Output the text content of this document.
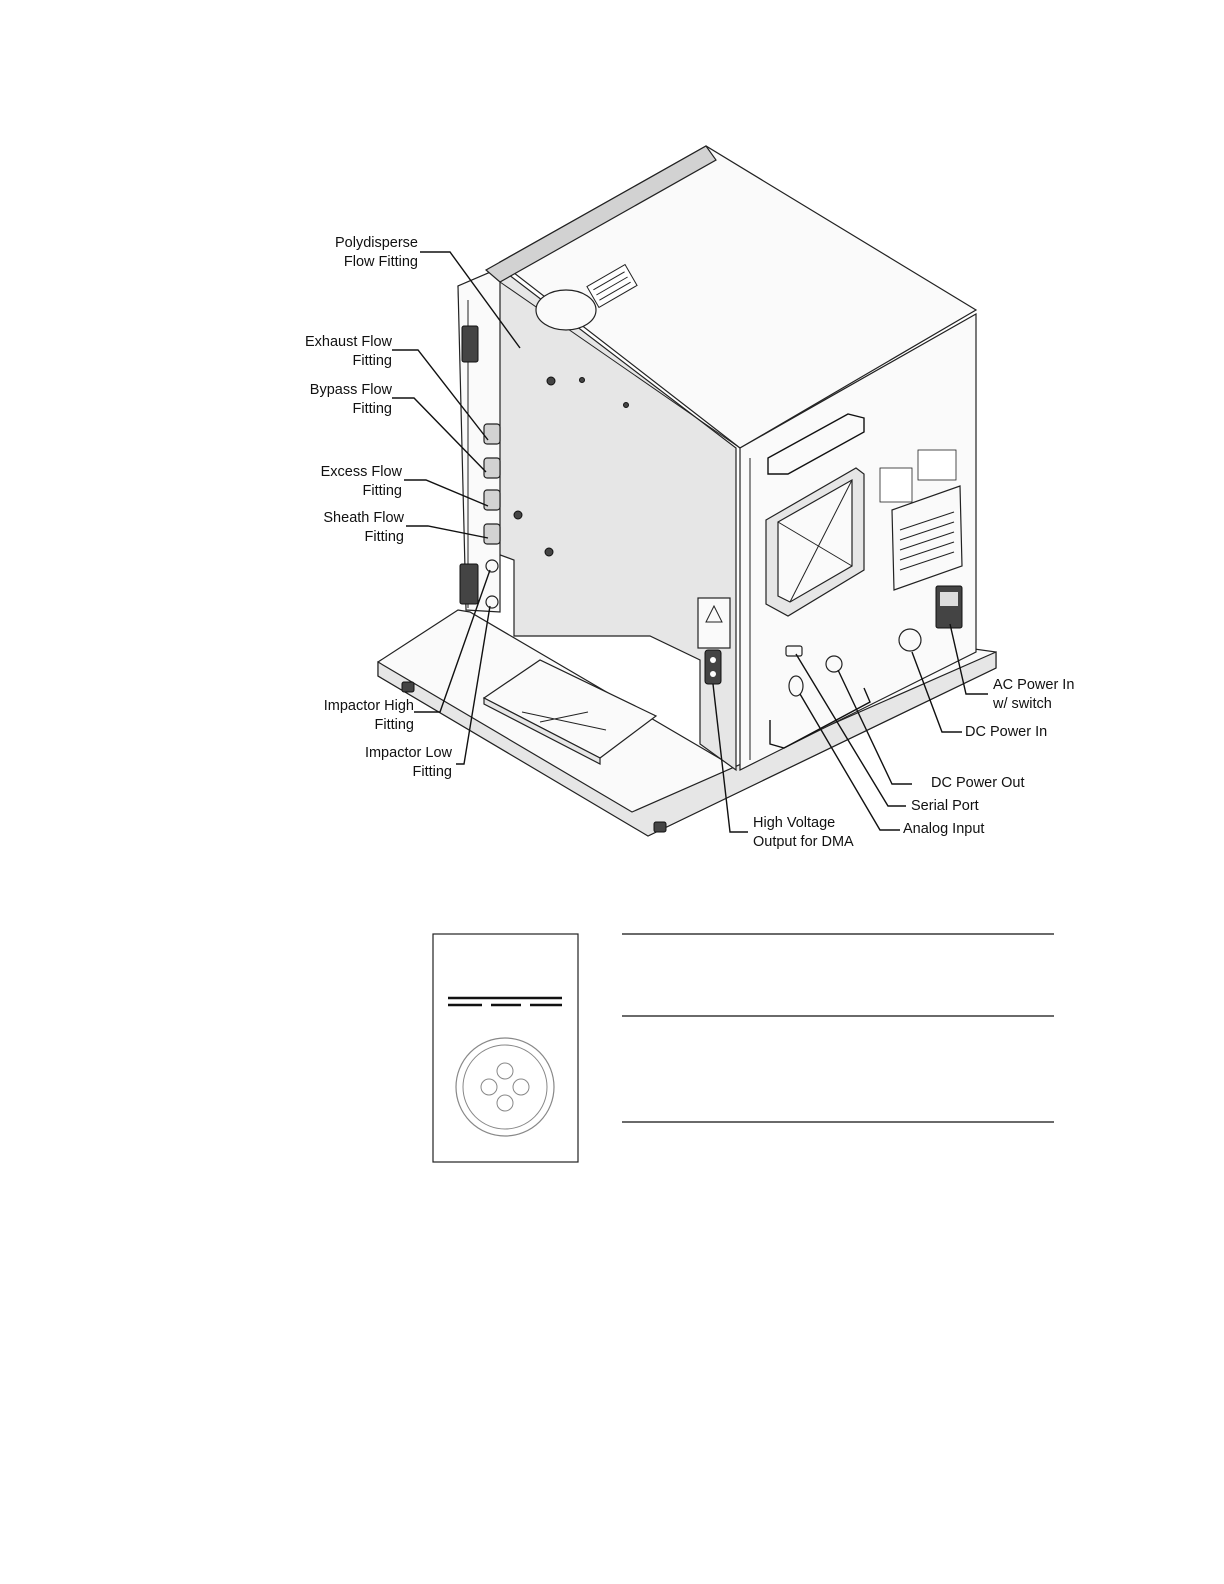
Polydisperse
Flow Fitting
Exhaust Flow
Fitting
Bypass Flow
Fitting
Excess Flow
Fitting
Sheath Flow
Fitting
Impactor High
Fitting
Impactor Low
Fitting
High Voltage
Output for DMA
Analog Input
Serial Port
DC Power Out
DC Power In
AC Power In
w/ switch
